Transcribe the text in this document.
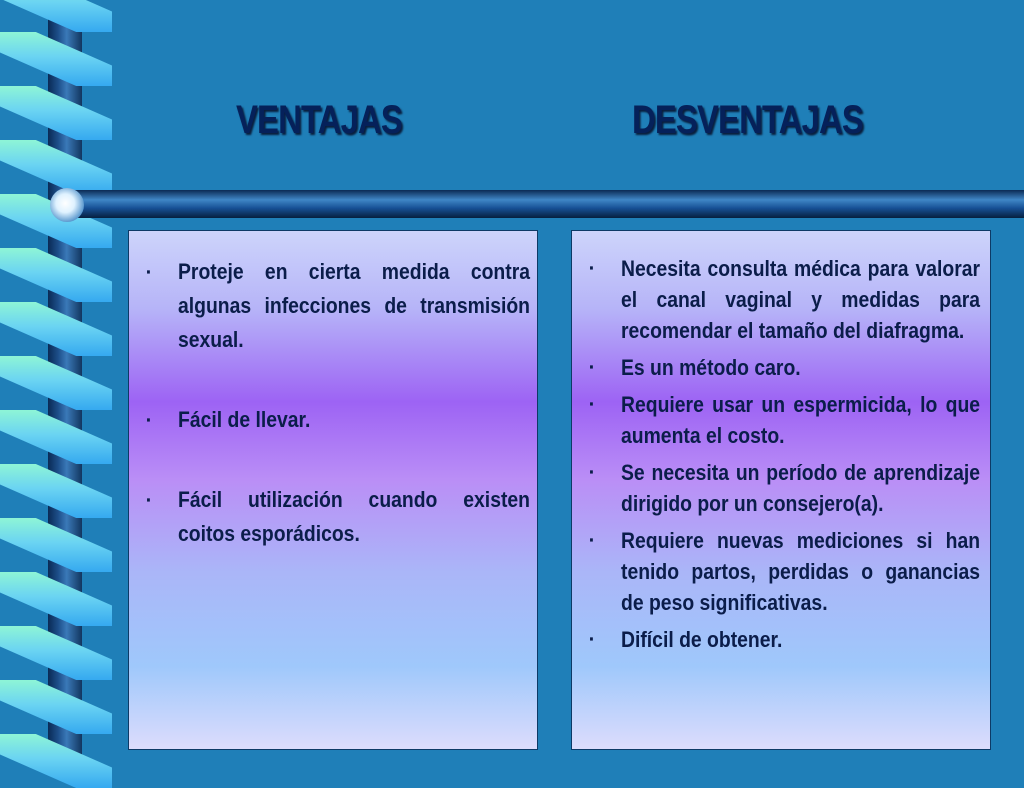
VENTAJAS	DESVENTAJAS
▪ Proteje en cierta medida contra algunas infecciones de transmisión sexual.
▪ Fácil de llevar.
▪ Fácil utilización cuando existen coitos esporádicos.
▪ Necesita consulta médica para valorar el canal vaginal y medidas para recomendar el tamaño del diafragma.
▪ Es un método caro.
▪ Requiere usar un espermicida, lo que aumenta el costo.
▪ Se necesita un período de aprendizaje dirigido por un consejero(a).
▪ Requiere nuevas mediciones si han tenido partos, perdidas o ganancias de peso significativas.
▪ Difícil de obtener.
